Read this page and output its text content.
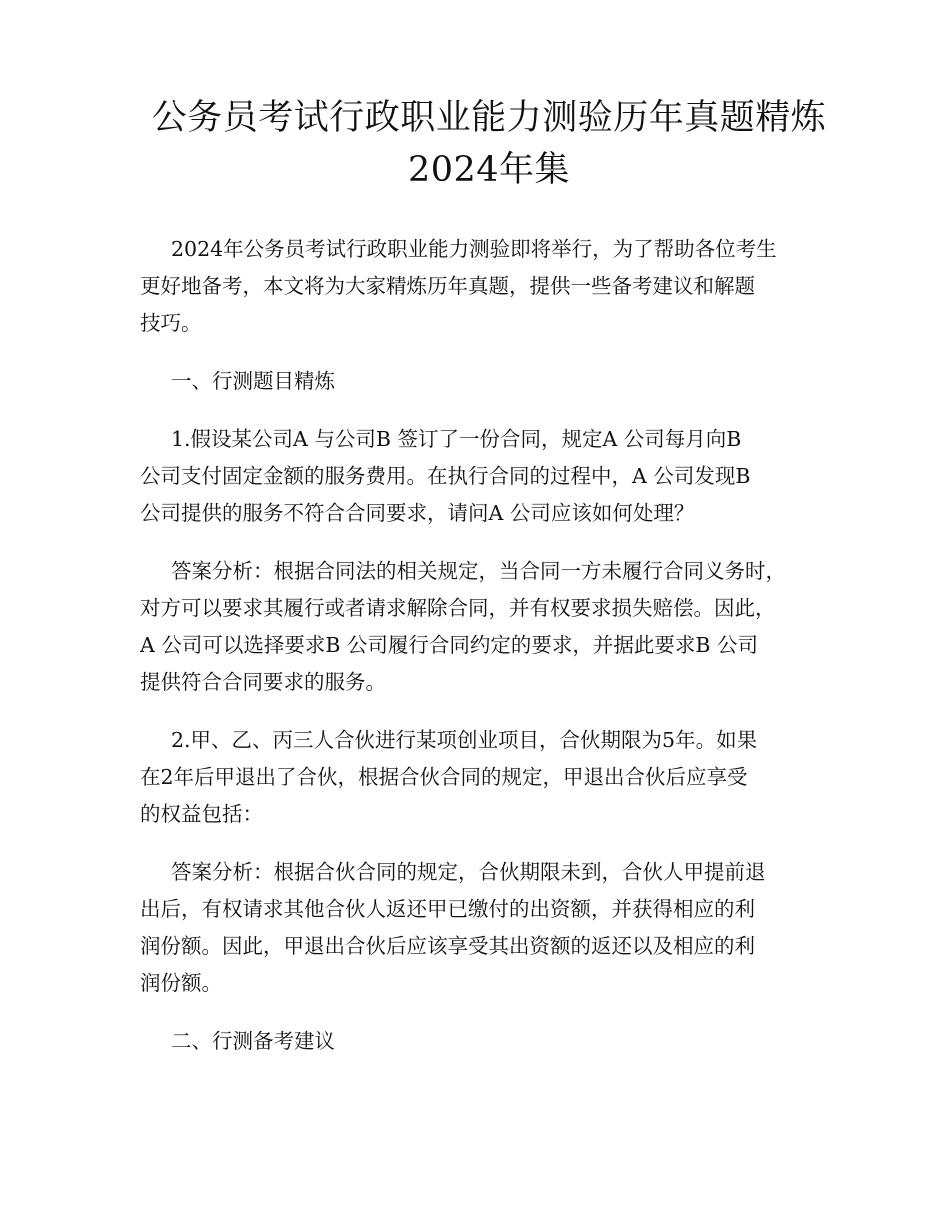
公务员考试行政职业能力测验历年真题精炼
2024年集

2024年公务员考试行政职业能力测验即将举行，为了帮助各位考生
更好地备考，本文将为大家精炼历年真题，提供一些备考建议和解题
技巧。

一、行测题目精炼

1.假设某公司A 与公司B 签订了一份合同，规定A 公司每月向B
公司支付固定金额的服务费用。在执行合同的过程中，A 公司发现B
公司提供的服务不符合合同要求，请问A 公司应该如何处理？

答案分析：根据合同法的相关规定，当合同一方未履行合同义务时，
对方可以要求其履行或者请求解除合同，并有权要求损失赔偿。因此，
A 公司可以选择要求B 公司履行合同约定的要求，并据此要求B 公司
提供符合合同要求的服务。

2.甲、乙、丙三人合伙进行某项创业项目，合伙期限为5年。如果
在2年后甲退出了合伙，根据合伙合同的规定，甲退出合伙后应享受
的权益包括：

答案分析：根据合伙合同的规定，合伙期限未到，合伙人甲提前退
出后，有权请求其他合伙人返还甲已缴付的出资额，并获得相应的利
润份额。因此，甲退出合伙后应该享受其出资额的返还以及相应的利
润份额。

二、行测备考建议
